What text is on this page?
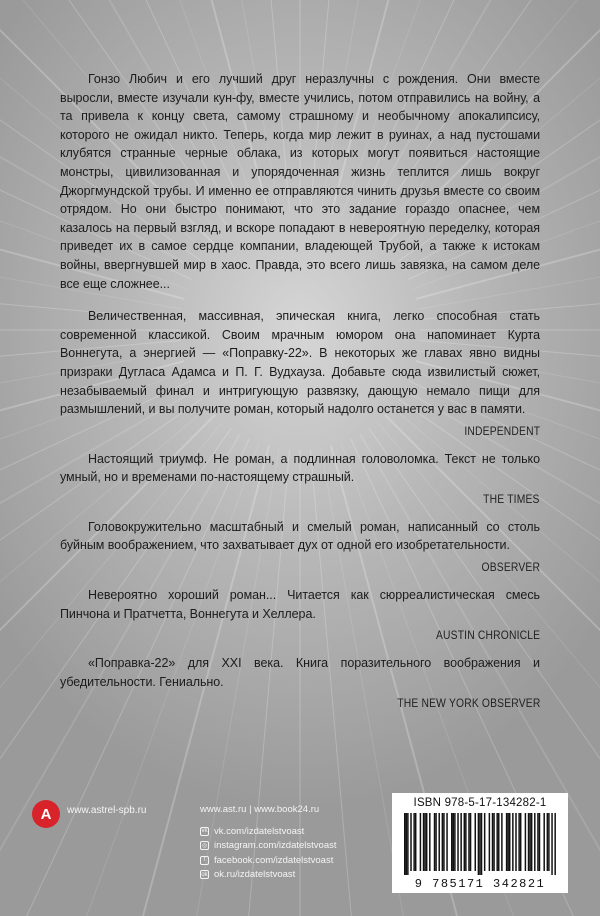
Гонзо Любич и его лучший друг неразлучны с рождения. Они вместе выросли, вместе изучали кун-фу, вместе учились, потом отправились на войну, а та привела к концу света, самому страшному и необычному апокалипсису, которого не ожидал никто. Теперь, когда мир лежит в руинах, а над пустошами клубятся странные черные облака, из которых могут появиться настоящие монстры, цивилизованная и упорядоченная жизнь теплится лишь вокруг Джоргмундской трубы. И именно ее отправляются чинить друзья вместе со своим отрядом. Но они быстро понимают, что это задание гораздо опаснее, чем казалось на первый взгляд, и вскоре попадают в невероятную переделку, которая приведет их в самое сердце компании, владеющей Трубой, а также к истокам войны, ввергнувшей мир в хаос. Правда, это всего лишь завязка, на самом деле все еще сложнее...

Величественная, массивная, эпическая книга, легко способная стать современной классикой. Своим мрачным юмором она напоминает Курта Воннегута, а энергией — «Поправку-22». В некоторых же главах явно видны призраки Дугласа Адамса и П. Г. Вудхауза. Добавьте сюда извилистый сюжет, незабываемый финал и интригующую развязку, дающую немало пищи для размышлений, и вы получите роман, который надолго останется у вас в памяти.

INDEPENDENT

Настоящий триумф. Не роман, а подлинная головоломка. Текст не только умный, но и временами по-настоящему страшный.

THE TIMES

Головокружительно масштабный и смелый роман, написанный со столь буйным воображением, что захватывает дух от одной его изобретательности.

OBSERVER

Невероятно хороший роман... Читается как сюрреалистическая смесь Пинчона и Пратчетта, Воннегута и Хеллера.

AUSTIN CHRONICLE

«Поправка-22» для XXI века. Книга поразительного воображения и убедительности. Гениально.

THE NEW YORK OBSERVER
А www.astrel-spb.ru	www.ast.ru | www.book24.ru
vk vk.com/izdatelstvoast
◎ instagram.com/izdatelstvoast
f facebook.com/izdatelstvoast
ok ok.ru/izdatelstvoast
ISBN 978-5-17-134282-1
9 785171 342821
